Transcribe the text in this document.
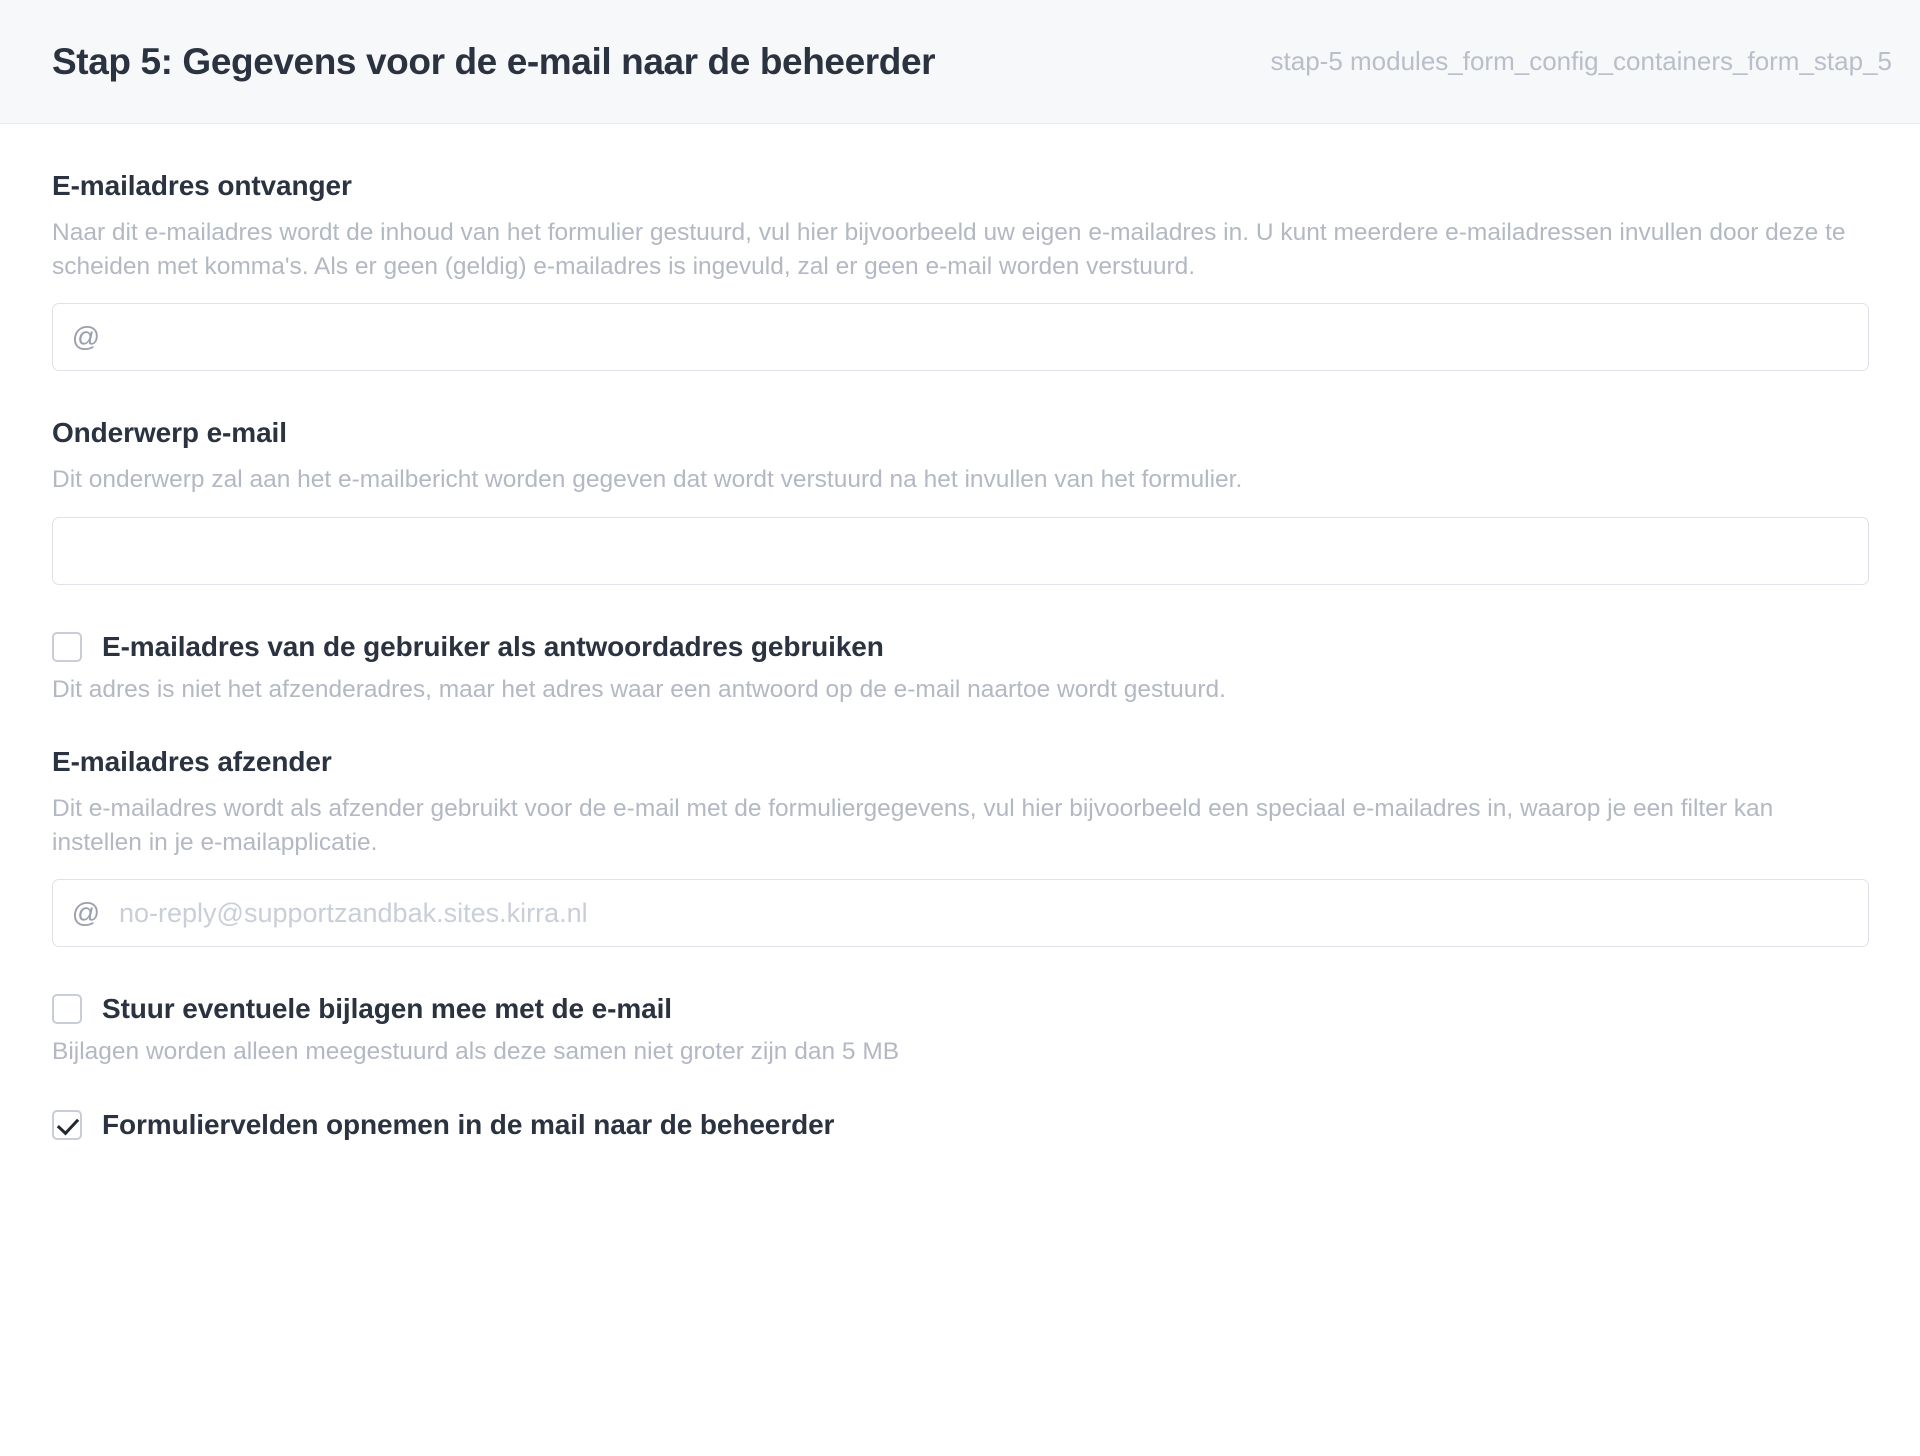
Stap 5: Gegevens voor de e-mail naar de beheerder	stap-5 modules_form_config_containers_form_stap_5
E-mailadres ontvanger
Naar dit e-mailadres wordt de inhoud van het formulier gestuurd, vul hier bijvoorbeeld uw eigen e-mailadres in. U kunt meerdere e-mailadressen invullen door deze te scheiden met komma's. Als er geen (geldig) e-mailadres is ingevuld, zal er geen e-mail worden verstuurd.
@
Onderwerp e-mail
Dit onderwerp zal aan het e-mailbericht worden gegeven dat wordt verstuurd na het invullen van het formulier.
E-mailadres van de gebruiker als antwoordadres gebruiken
Dit adres is niet het afzenderadres, maar het adres waar een antwoord op de e-mail naartoe wordt gestuurd.
E-mailadres afzender
Dit e-mailadres wordt als afzender gebruikt voor de e-mail met de formuliergegevens, vul hier bijvoorbeeld een speciaal e-mailadres in, waarop je een filter kan instellen in je e-mailapplicatie.
@
no-reply@supportzandbak.sites.kirra.nl
Stuur eventuele bijlagen mee met de e-mail
Bijlagen worden alleen meegestuurd als deze samen niet groter zijn dan 5 MB
Formuliervelden opnemen in de mail naar de beheerder
